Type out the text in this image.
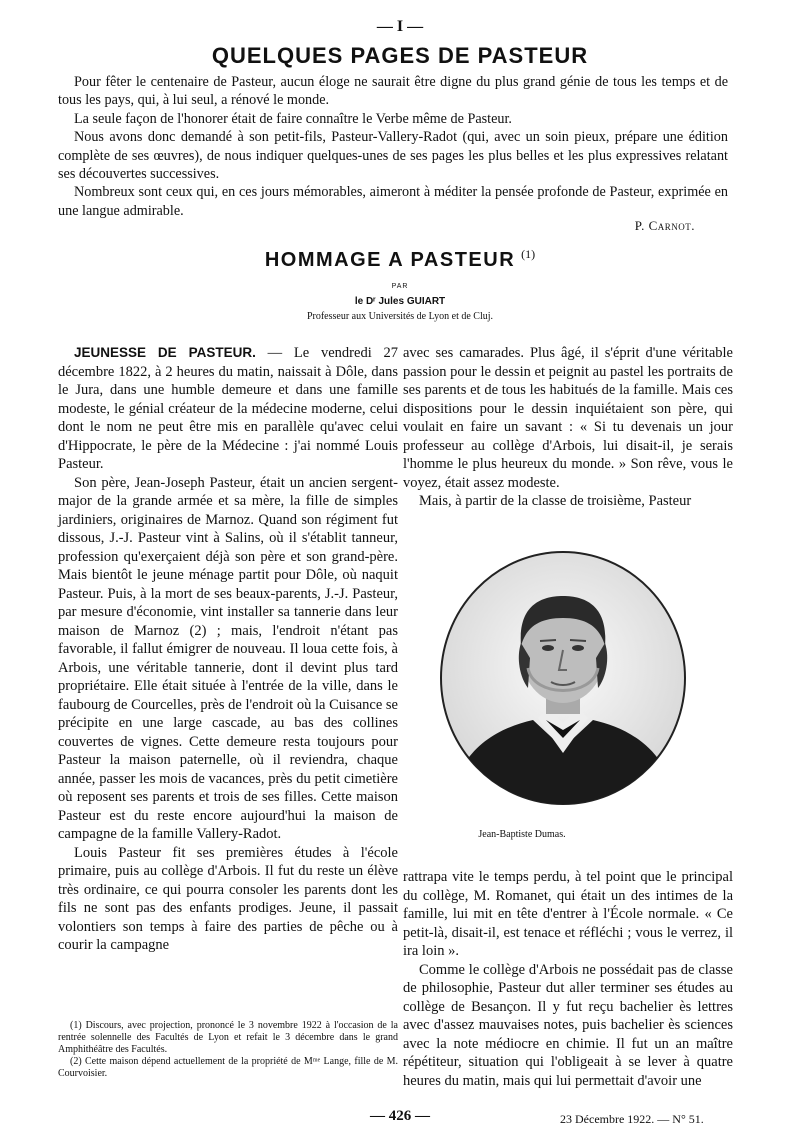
— I —
QUELQUES PAGES DE PASTEUR

Pour fêter le centenaire de Pasteur, aucun éloge ne saurait être digne du plus grand génie de tous les temps et de tous les pays, qui, à lui seul, a rénové le monde.

La seule façon de l'honorer était de faire connaître le Verbe même de Pasteur.

Nous avons donc demandé à son petit-fils, Pasteur-Vallery-Radot (qui, avec un soin pieux, prépare une édition complète de ses œuvres), de nous indiquer quelques-unes de ses pages les plus belles et les plus expressives relatant ses découvertes successives.

Nombreux sont ceux qui, en ces jours mémorables, aimeront à méditer la pensée profonde de Pasteur, exprimée en une langue admirable.

P. Carnot.
HOMMAGE A PASTEUR $^{(1)}$
PAR
le Dʳ Jules GUIART
Professeur aux Universités de Lyon et de Cluj.

JEUNESSE DE PASTEUR. — Le vendredi 27 décembre 1822, à 2 heures du matin, naissait à Dôle, dans le Jura, dans une humble demeure et dans une famille modeste, le génial créateur de la médecine moderne, celui dont le nom ne peut être mis en parallèle qu'avec celui d'Hippocrate, le père de la Médecine : j'ai nommé Louis Pasteur.

Son père, Jean-Joseph Pasteur, était un ancien sergent-major de la grande armée et sa mère, la fille de simples jardiniers, originaires de Marnoz. Quand son régiment fut dissous, J.-J. Pasteur vint à Salins, où il s'établit tanneur, profession qu'exerçaient déjà son père et son grand-père. Mais bientôt le jeune ménage partit pour Dôle, où naquit Pasteur. Puis, à la mort de ses beaux-parents, J.-J. Pasteur, par mesure d'économie, vint installer sa tannerie dans leur maison de Marnoz (2) ; mais, l'endroit n'étant pas favorable, il fallut émigrer de nouveau. Il loua cette fois, à Arbois, une véritable tannerie, dont il devint plus tard propriétaire. Elle était située à l'entrée de la ville, dans le faubourg de Courcelles, près de l'endroit où la Cuisance se précipite en une large cascade, au bas des collines couvertes de vignes. Cette demeure resta toujours pour Pasteur la maison paternelle, où il reviendra, chaque année, passer les mois de vacances, près du petit cimetière où reposent ses parents et trois de ses filles. Cette maison Pasteur est du reste encore aujourd'hui la maison de campagne de la famille Vallery-Radot.

Louis Pasteur fit ses premières études à l'école primaire, puis au collège d'Arbois. Il fut du reste un élève très ordinaire, ce qui pourra consoler les parents dont les fils ne sont pas des enfants prodiges. Jeune, il passait volontiers son temps à faire des parties de pêche ou à courir la campagne

avec ses camarades. Plus âgé, il s'éprit d'une véritable passion pour le dessin et peignit au pastel les portraits de ses parents et de tous les habitués de la famille. Mais ces dispositions pour le dessin inquiétaient son père, qui voulait en faire un savant : « Si tu devenais un jour professeur au collège d'Arbois, lui disait-il, je serais l'homme le plus heureux du monde. » Son rêve, vous le voyez, était assez modeste.

Mais, à partir de la classe de troisième, Pasteur

Jean-Baptiste Dumas.

rattrapa vite le temps perdu, à tel point que le principal du collège, M. Romanet, qui était un des intimes de la famille, lui mit en tête d'entrer à l'École normale. « Ce petit-là, disait-il, est tenace et réfléchi ; vous le verrez, il ira loin ».

Comme le collège d'Arbois ne possédait pas de classe de philosophie, Pasteur dut aller terminer ses études au collège de Besançon. Il y fut reçu bachelier ès lettres avec d'assez mauvaises notes, puis bachelier ès sciences avec la note médiocre en chimie. Il fut un an maître répétiteur, situation qui l'obligeait à se lever à quatre heures du matin, mais qui lui permettait d'avoir une

(1) Discours, avec projection, prononcé le 3 novembre 1922 à l'occasion de la rentrée solennelle des Facultés de Lyon et refait le 3 décembre dans le grand Amphithéâtre des Facultés.

(2) Cette maison dépend actuellement de la propriété de Mᵐᵉ Lange, fille de M. Courvoisier.

— 426 —	23 Décembre 1922. — N° 51.
